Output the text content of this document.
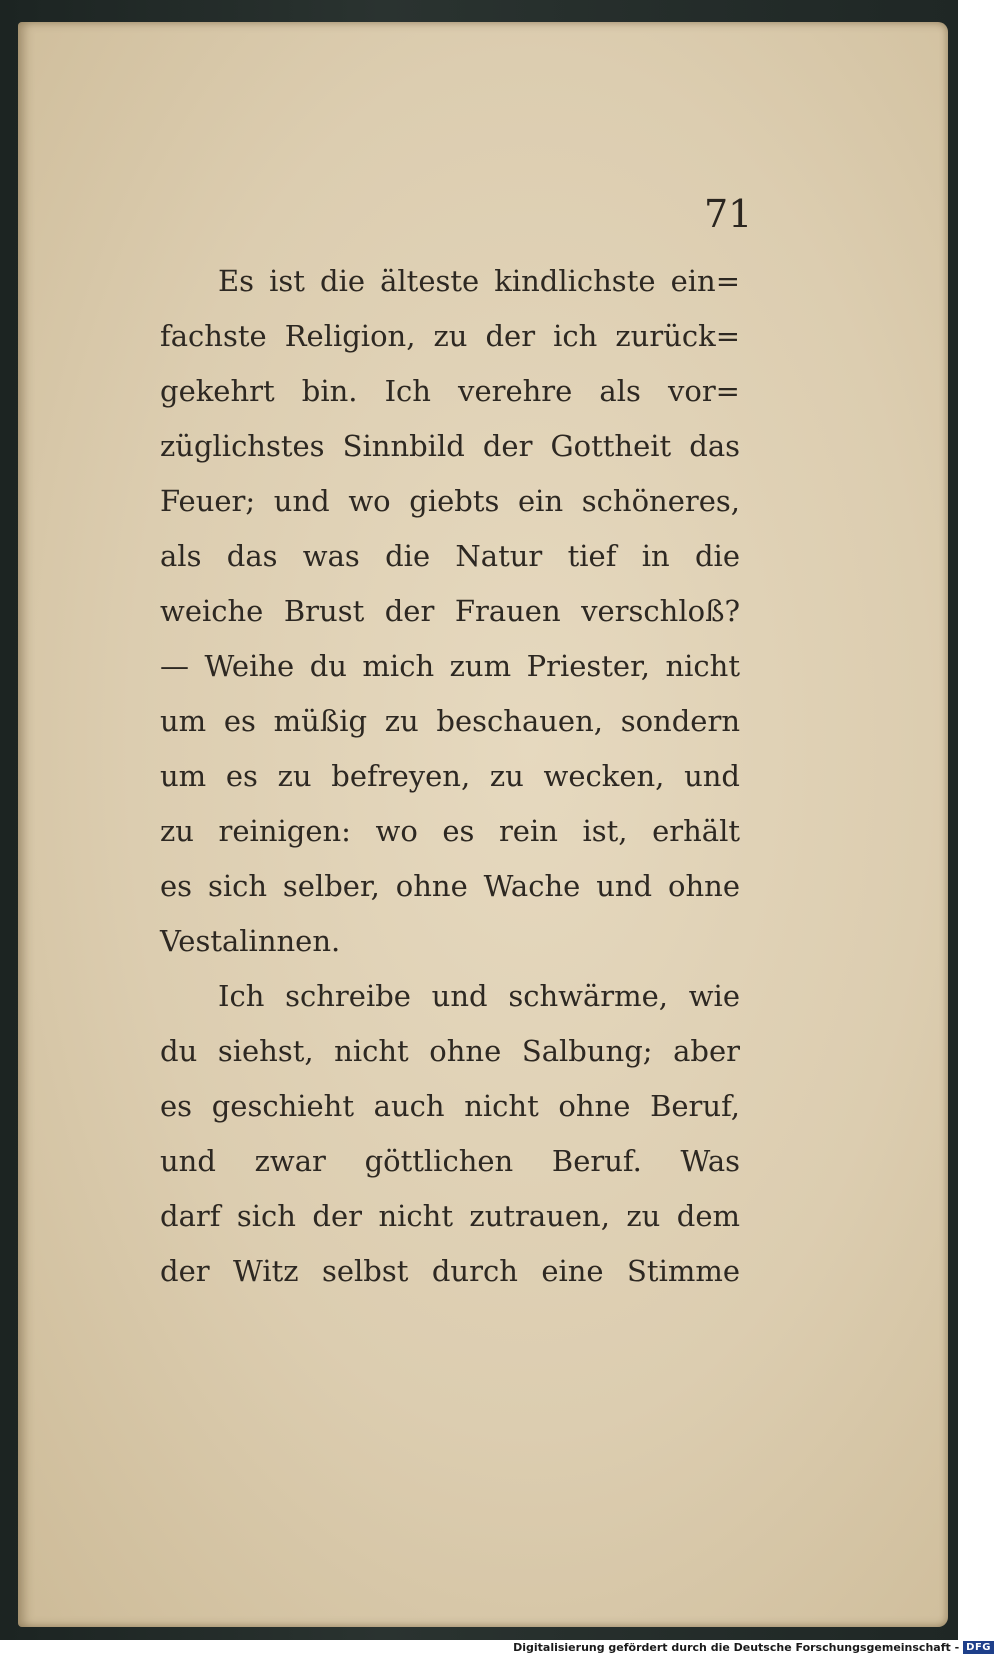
71
Es ist die älteste kindlichste ein=
fachste Religion, zu der ich zurück=
gekehrt bin. Ich verehre als vor=
züglichstes Sinnbild der Gottheit das
Feuer; und wo giebts ein schöneres,
als das was die Natur tief in die
weiche Brust der Frauen verschloß?
— Weihe du mich zum Priester, nicht
um es müßig zu beschauen, sondern
um es zu befreyen, zu wecken, und
zu reinigen: wo es rein ist, erhält
es sich selber, ohne Wache und ohne
Vestalinnen.
Ich schreibe und schwärme, wie
du siehst, nicht ohne Salbung; aber
es geschieht auch nicht ohne Beruf,
und zwar göttlichen Beruf. Was
darf sich der nicht zutrauen, zu dem
der Witz selbst durch eine Stimme
Digitalisierung gefördert durch die Deutsche Forschungsgemeinschaft - DFG
